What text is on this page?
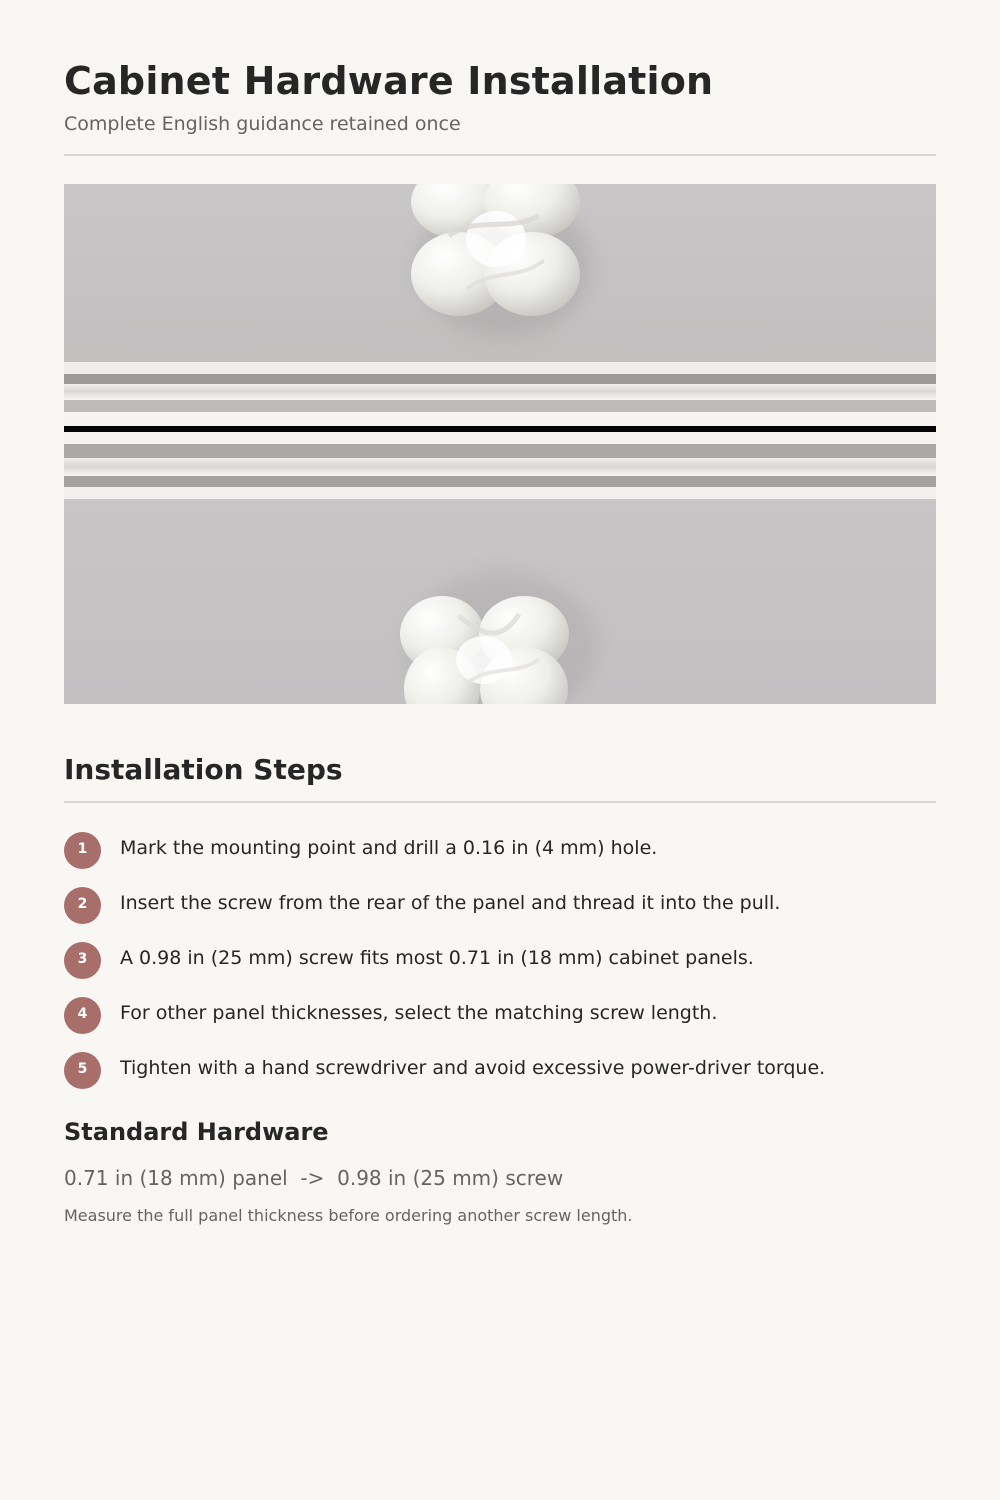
Cabinet Hardware Installation

Complete English guidance retained once

Installation Steps
1	Mark the mounting point and drill a 0.16 in (4 mm) hole.
2	Insert the screw from the rear of the panel and thread it into the pull.
3	A 0.98 in (25 mm) screw fits most 0.71 in (18 mm) cabinet panels.
4	For other panel thicknesses, select the matching screw length.
5	Tighten with a hand screwdriver and avoid excessive power-driver torque.
Standard Hardware

0.71 in (18 mm) panel  ->  0.98 in (25 mm) screw

Measure the full panel thickness before ordering another screw length.
